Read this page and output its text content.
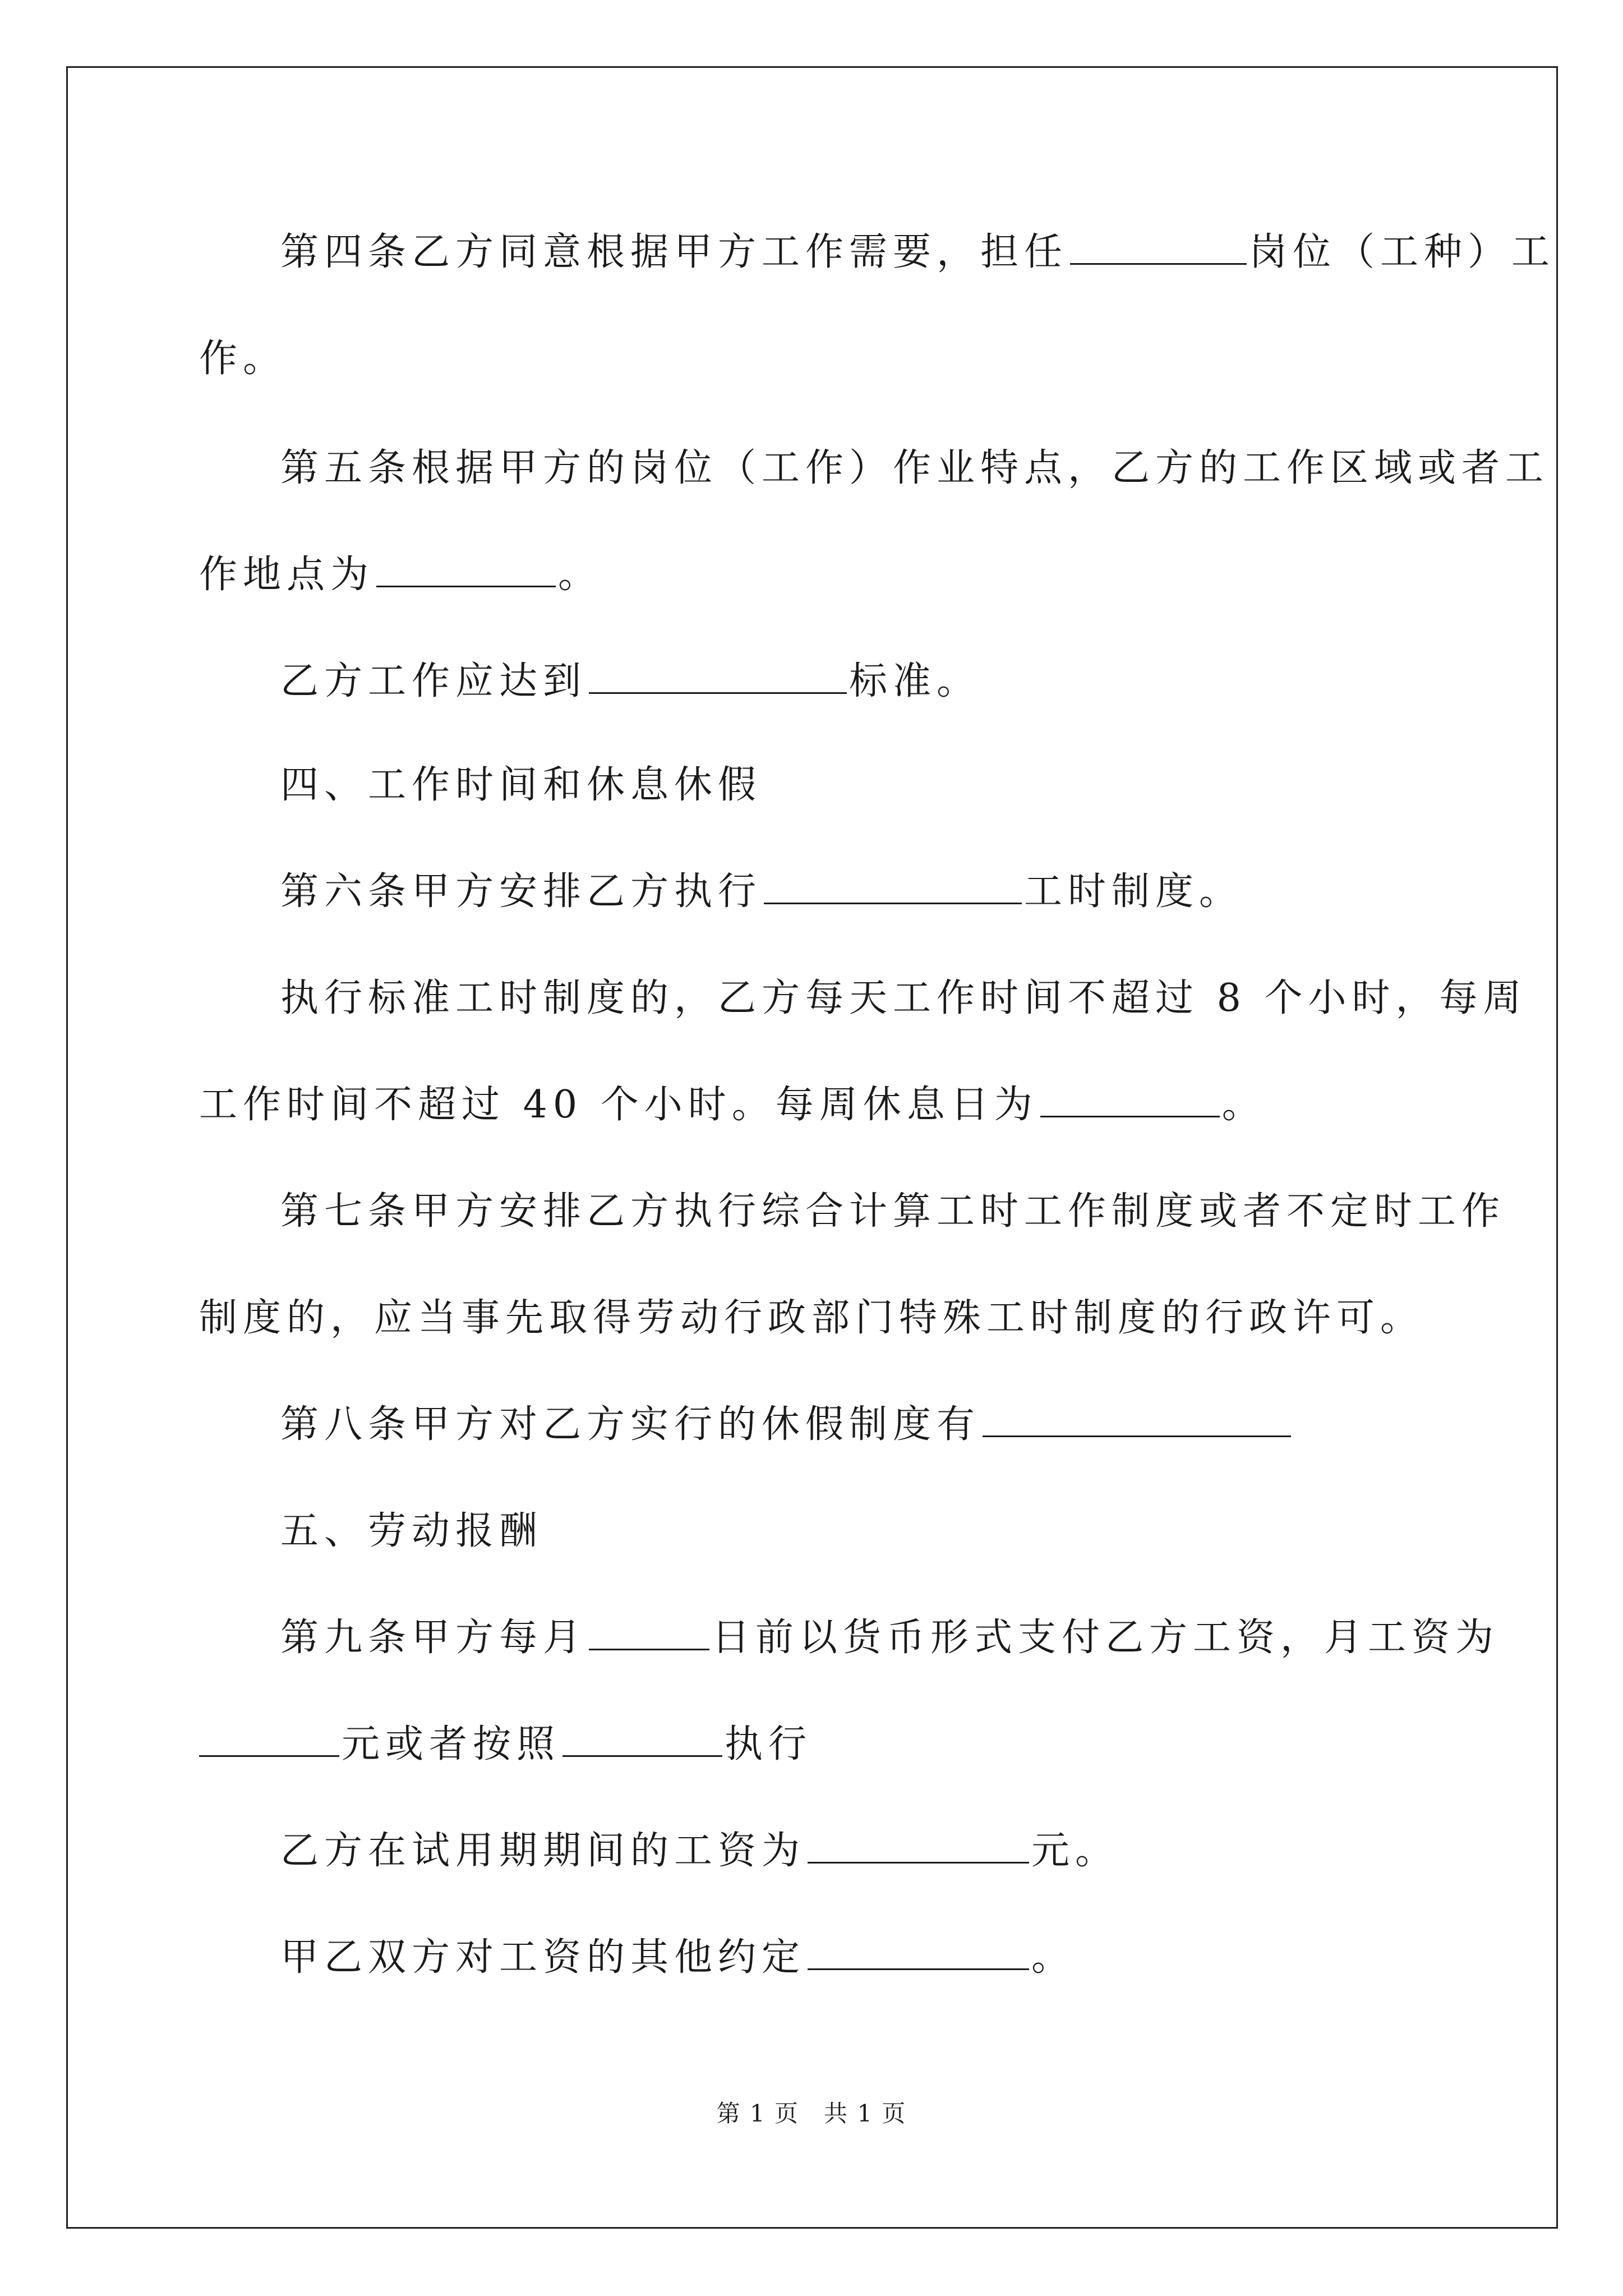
第四条乙方同意根据甲方工作需要，担任	岗位（工种）工
作。
第五条根据甲方的岗位（工作）作业特点，乙方的工作区域或者工
作地点为	。
乙方工作应达到	标准。
四、工作时间和休息休假
第六条甲方安排乙方执行	工时制度。
执行标准工时制度的，乙方每天工作时间不超过 8 个小时，每周
工作时间不超过 40 个小时。每周休息日为	。
第七条甲方安排乙方执行综合计算工时工作制度或者不定时工作
制度的，应当事先取得劳动行政部门特殊工时制度的行政许可。
第八条甲方对乙方实行的休假制度有
五、劳动报酬
第九条甲方每月	日前以货币形式支付乙方工资，月工资为
元或者按照	执行
乙方在试用期期间的工资为	元。
甲乙双方对工资的其他约定	。
第 1 页　共 1 页
